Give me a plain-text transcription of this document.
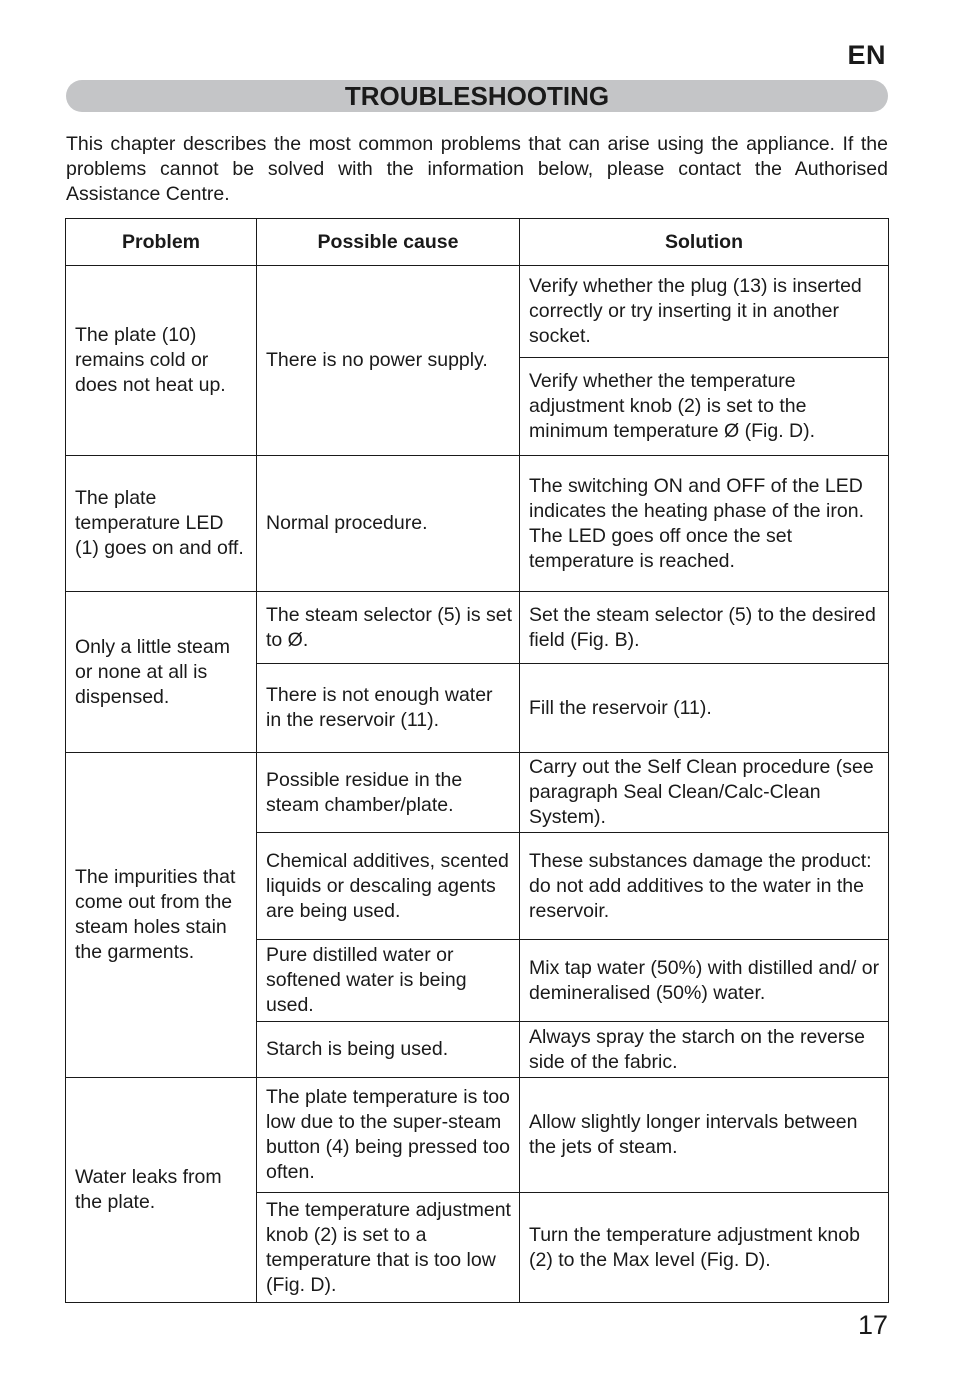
EN
TROUBLESHOOTING

This chapter describes the most common problems that can arise using the appliance. If the problems cannot be solved with the information below, please contact the Authorised Assistance Centre.

Problem	Possible cause	Solution
The plate (10) remains cold or does not heat up.	There is no power supply.	Verify whether the plug (13) is inserted correctly or try inserting it in another socket.
		Verify whether the temperature adjustment knob (2) is set to the minimum temperature Ø (Fig. D).
The plate temperature LED (1) goes on and off.	Normal procedure.	The switching ON and OFF of the LED indicates the heating phase of the iron. The LED goes off once the set temperature is reached.
Only a little steam or none at all is dispensed.	The steam selector (5) is set to Ø.	Set the steam selector (5) to the desired field (Fig. B).
	There is not enough water in the reservoir (11).	Fill the reservoir (11).
The impurities that come out from the steam holes stain the garments.	Possible residue in the steam chamber/plate.	Carry out the Self Clean procedure (see paragraph Seal Clean/Calc-Clean System).
	Chemical additives, scented liquids or descaling agents are being used.	These substances damage the product: do not add additives to the water in the reservoir.
	Pure distilled water or softened water is being used.	Mix tap water (50%) with distilled and/ or demineralised (50%) water.
	Starch is being used.	Always spray the starch on the reverse side of the fabric.
Water leaks from the plate.	The plate temperature is too low due to the super-steam button (4) being pressed too often.	Allow slightly longer intervals between the jets of steam.
	The temperature adjustment knob (2) is set to a temperature that is too low (Fig. D).	Turn the temperature adjustment knob (2) to the Max level (Fig. D).
17
